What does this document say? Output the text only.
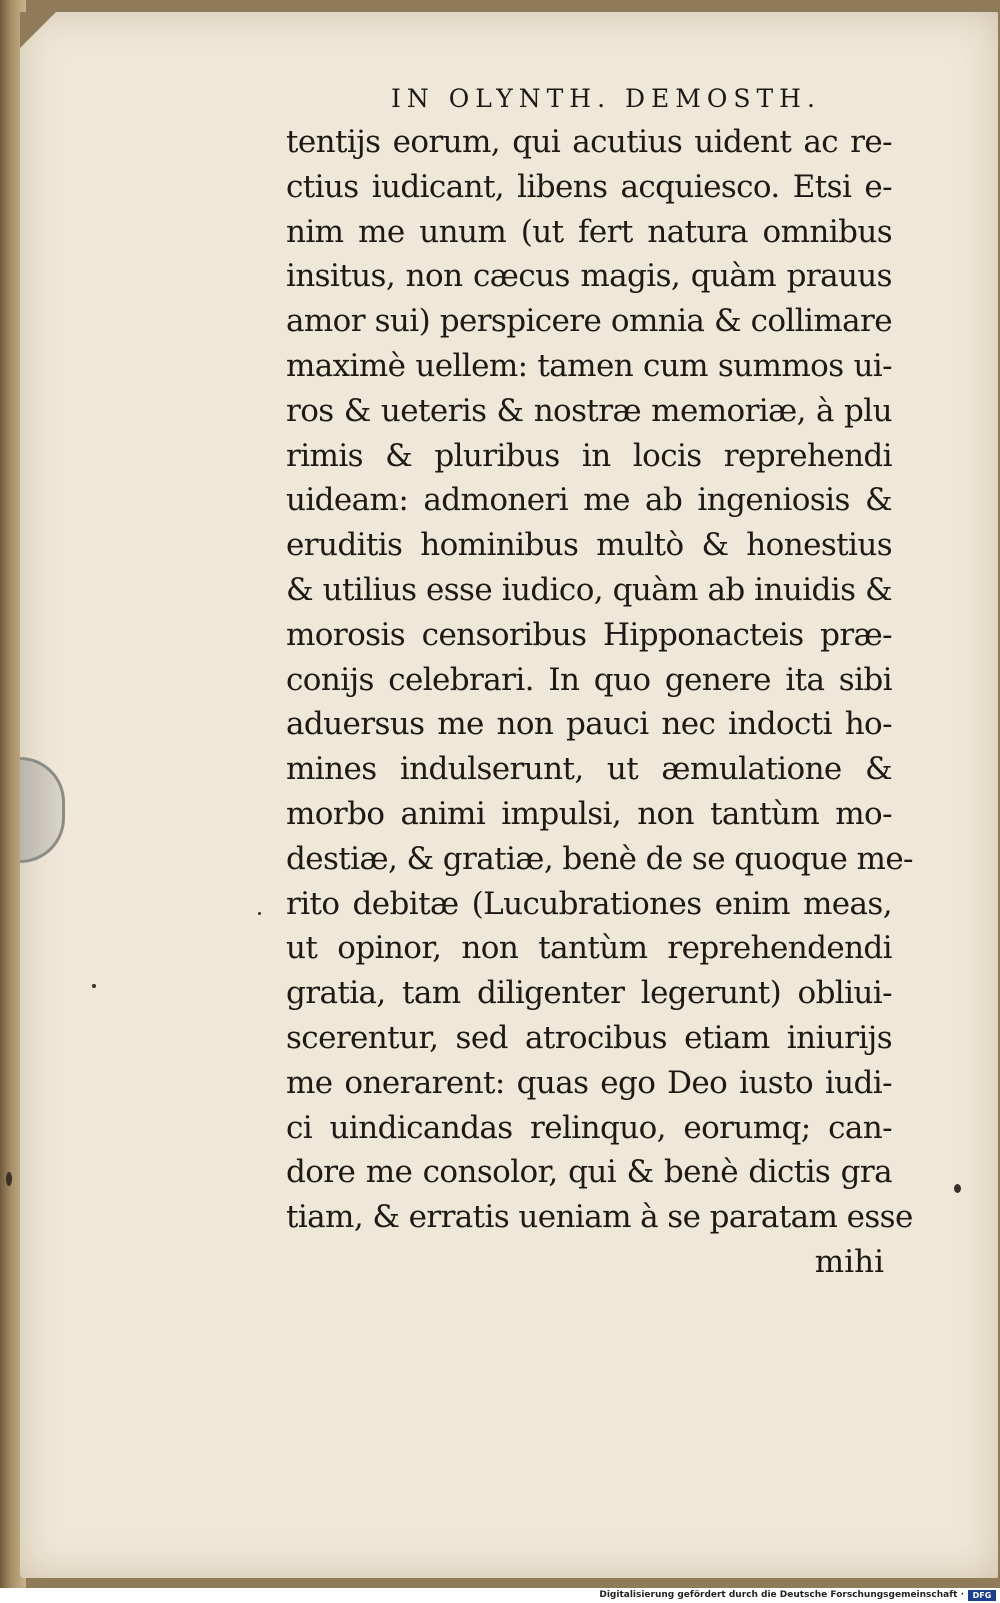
IN OLYNTH. DEMOSTH.
tentijs eorum, qui acutius uident ac re-
ctius iudicant, libens acquiesco. Etsi e-
nim me unum (ut fert natura omnibus
insitus, non cæcus magis, quàm prauus
amor sui) perspicere omnia & collimare
maximè uellem: tamen cum summos ui-
ros & ueteris & nostræ memoriæ, à plu
rimis & pluribus in locis reprehendi
uideam: admoneri me ab ingeniosis &
eruditis hominibus multò & honestius
& utilius esse iudico, quàm ab inuidis &
morosis censoribus Hipponacteis præ-
conijs celebrari. In quo genere ita sibi
aduersus me non pauci nec indocti ho-
mines indulserunt, ut æmulatione &
morbo animi impulsi, non tantùm mo-
destiæ, & gratiæ, benè de se quoque me-
rito debitæ (Lucubrationes enim meas,
ut opinor, non tantùm reprehendendi
gratia, tam diligenter legerunt) obliui-
scerentur, sed atrocibus etiam iniurijs
me onerarent: quas ego Deo iusto iudi-
ci uindicandas relinquo, eorumq; can-
dore me consolor, qui & benè dictis gra
tiam, & erratis ueniam à se paratam esse
mihi
Digitalisierung gefördert durch die Deutsche Forschungsgemeinschaft ·	DFG
